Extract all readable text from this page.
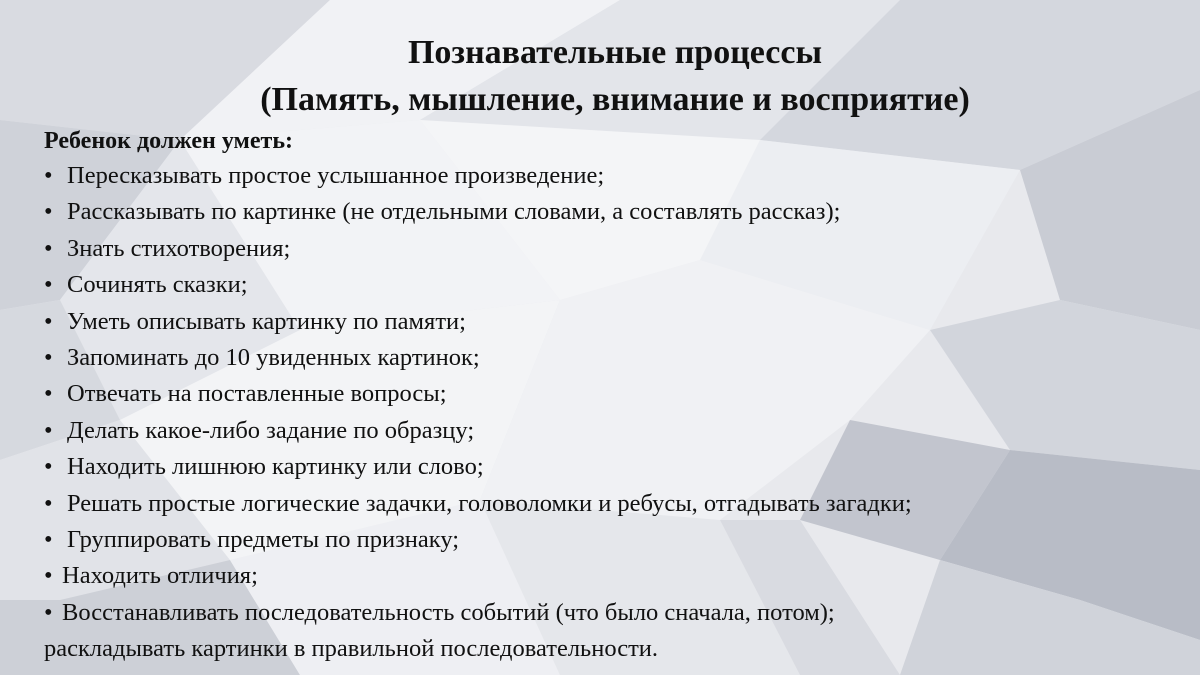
Познавательные процессы
(Память, мышление, внимание и восприятие)
Ребенок должен уметь:
• Пересказывать простое услышанное произведение;
• Рассказывать по картинке (не отдельными словами, а составлять рассказ);
• Знать стихотворения;
• Сочинять сказки;
• Уметь описывать картинку по памяти;
• Запоминать до 10 увиденных картинок;
• Отвечать на поставленные вопросы;
• Делать какое-либо задание по образцу;
• Находить лишнюю картинку или слово;
• Решать простые логические задачки, головоломки и ребусы, отгадывать загадки;
• Группировать предметы по признаку;
• Находить отличия;
• Восстанавливать последовательность событий (что было сначала, потом);
раскладывать картинки в правильной последовательности.
